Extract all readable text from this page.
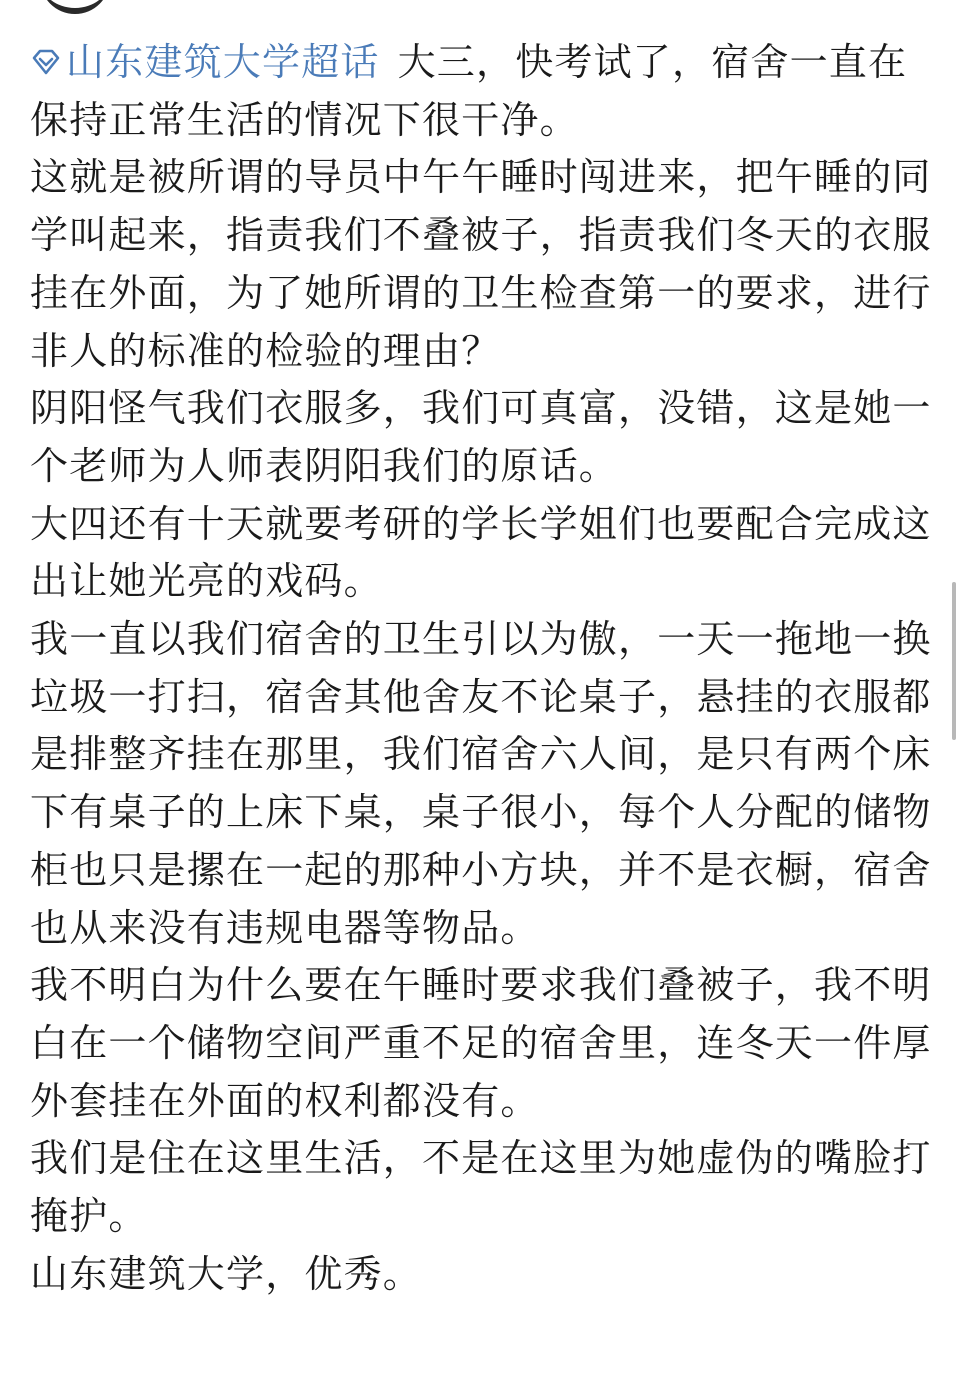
山东建筑大学超话 大三，快考试了，宿舍一直在保持正常生活的情况下很干净。

这就是被所谓的导员中午午睡时闯进来，把午睡的同学叫起来，指责我们不叠被子，指责我们冬天的衣服挂在外面，为了她所谓的卫生检查第一的要求，进行非人的标准的检验的理由？

阴阳怪气我们衣服多，我们可真富，没错，这是她一个老师为人师表阴阳我们的原话。

大四还有十天就要考研的学长学姐们也要配合完成这出让她光亮的戏码。

我一直以我们宿舍的卫生引以为傲，一天一拖地一换垃圾一打扫，宿舍其他舍友不论桌子，悬挂的衣服都是排整齐挂在那里，我们宿舍六人间，是只有两个床下有桌子的上床下桌，桌子很小，每个人分配的储物柜也只是摞在一起的那种小方块，并不是衣橱，宿舍也从来没有违规电器等物品。

我不明白为什么要在午睡时要求我们叠被子，我不明白在一个储物空间严重不足的宿舍里，连冬天一件厚外套挂在外面的权利都没有。

我们是住在这里生活，不是在这里为她虚伪的嘴脸打掩护。

山东建筑大学，优秀。
